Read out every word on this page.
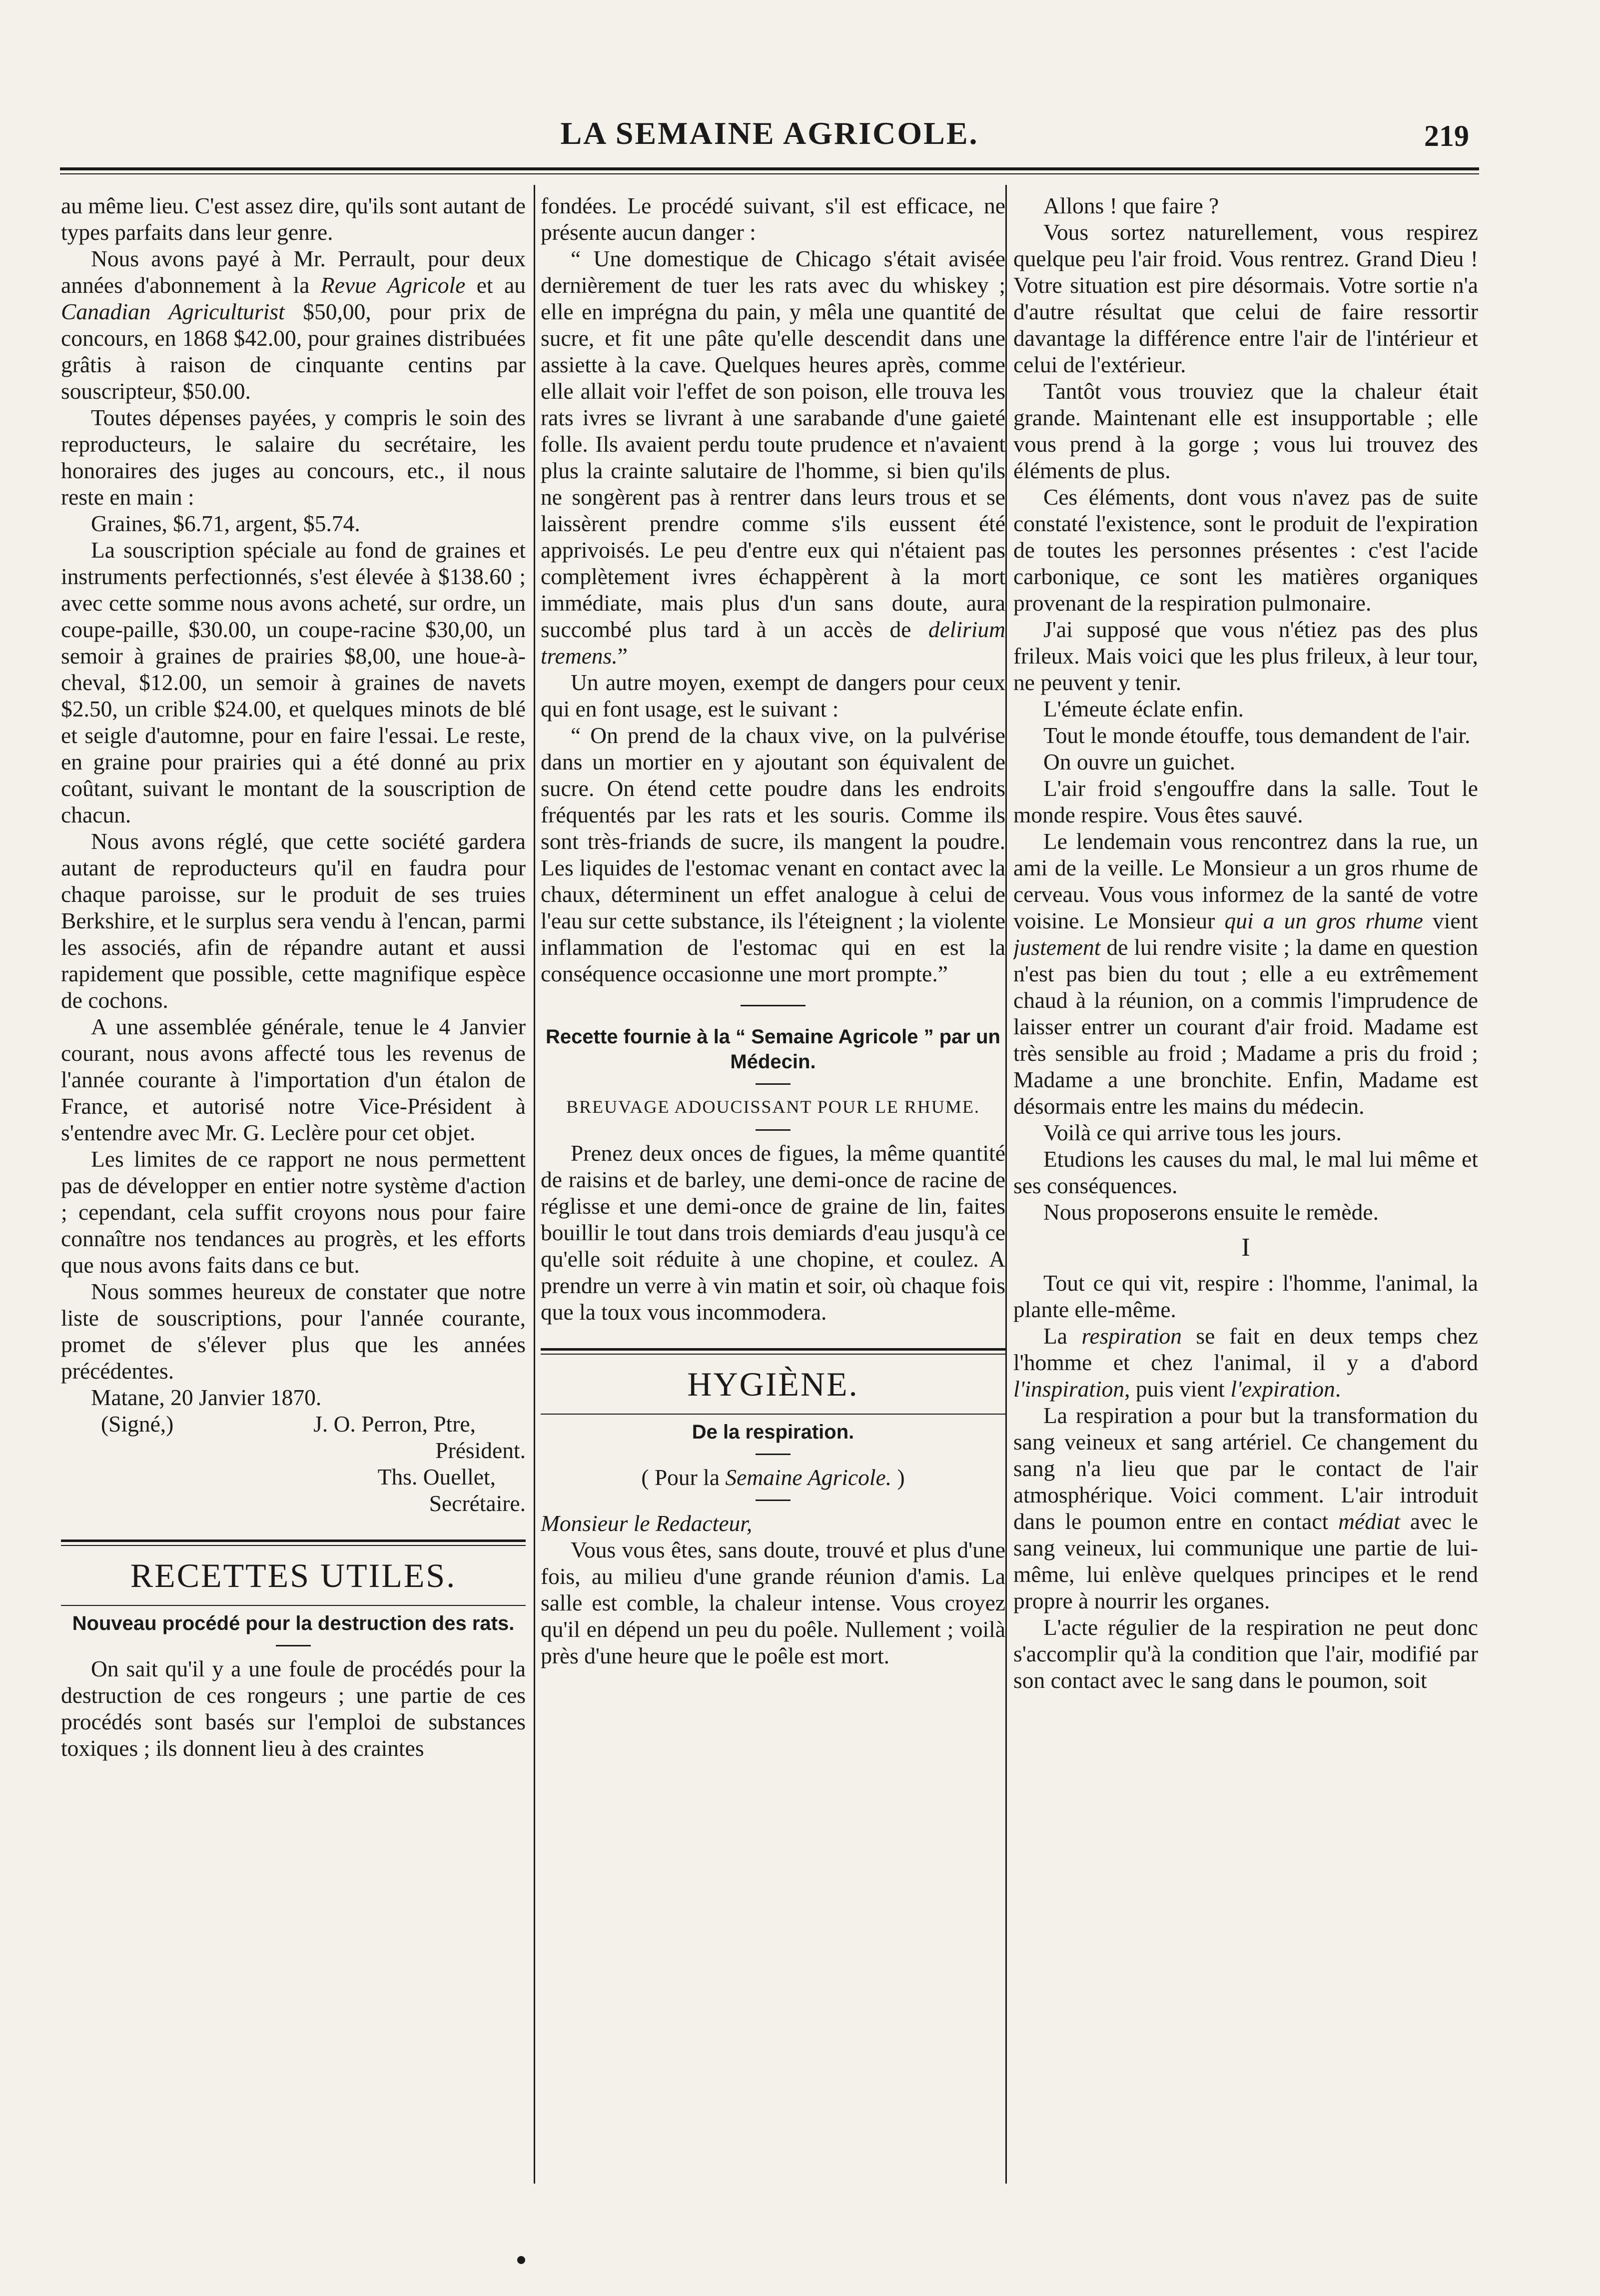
LA SEMAINE AGRICOLE.	219

au même lieu. C'est assez dire, qu'ils sont autant de types parfaits dans leur genre.

Nous avons payé à Mr. Perrault, pour deux années d'abonnement à la Revue Agricole et au Canadian Agriculturist $50,00, pour prix de concours, en 1868 $42.00, pour graines distribuées grâtis à raison de cinquante centins par souscripteur, $50.00.

Toutes dépenses payées, y compris le soin des reproducteurs, le salaire du secrétaire, les honoraires des juges au concours, etc., il nous reste en main :

Graines, $6.71, argent, $5.74.

La souscription spéciale au fond de graines et instruments perfectionnés, s'est élevée à $138.60 ; avec cette somme nous avons acheté, sur ordre, un coupe-paille, $30.00, un coupe-racine $30,00, un semoir à graines de prairies $8,00, une houe-à-cheval, $12.00, un semoir à graines de navets $2.50, un crible $24.00, et quelques minots de blé et seigle d'automne, pour en faire l'essai. Le reste, en graine pour prairies qui a été donné au prix coûtant, suivant le montant de la souscription de chacun.

Nous avons réglé, que cette société gardera autant de reproducteurs qu'il en faudra pour chaque paroisse, sur le produit de ses truies Berkshire, et le surplus sera vendu à l'encan, parmi les associés, afin de répandre autant et aussi rapidement que possible, cette magnifique espèce de cochons.

A une assemblée générale, tenue le 4 Janvier courant, nous avons affecté tous les revenus de l'année courante à l'importation d'un étalon de France, et autorisé notre Vice-Président à s'entendre avec Mr. G. Leclère pour cet objet.

Les limites de ce rapport ne nous permettent pas de développer en entier notre système d'action ; cependant, cela suffit croyons nous pour faire connaître nos tendances au progrès, et les efforts que nous avons faits dans ce but.

Nous sommes heureux de constater que notre liste de souscriptions, pour l'année courante, promet de s'élever plus que les années précédentes.

Matane, 20 Janvier 1870.

(Signé,)	J. O. Perron, Ptre,

Président.

Ths. Ouellet,

Secrétaire.

RECETTES UTILES.

Nouveau procédé pour la destruction des rats.

On sait qu'il y a une foule de procédés pour la destruction de ces rongeurs ; une partie de ces procédés sont basés sur l'emploi de substances toxiques ; ils donnent lieu à des craintes

fondées. Le procédé suivant, s'il est efficace, ne présente aucun danger :

“ Une domestique de Chicago s'était avisée dernièrement de tuer les rats avec du whiskey ; elle en imprégna du pain, y mêla une quantité de sucre, et fit une pâte qu'elle descendit dans une assiette à la cave. Quelques heures après, comme elle allait voir l'effet de son poison, elle trouva les rats ivres se livrant à une sarabande d'une gaieté folle. Ils avaient perdu toute prudence et n'avaient plus la crainte salutaire de l'homme, si bien qu'ils ne songèrent pas à rentrer dans leurs trous et se laissèrent prendre comme s'ils eussent été apprivoisés. Le peu d'entre eux qui n'étaient pas complètement ivres échappèrent à la mort immédiate, mais plus d'un sans doute, aura succombé plus tard à un accès de delirium tremens.”

Un autre moyen, exempt de dangers pour ceux qui en font usage, est le suivant :

“ On prend de la chaux vive, on la pulvérise dans un mortier en y ajoutant son équivalent de sucre. On étend cette poudre dans les endroits fréquentés par les rats et les souris. Comme ils sont très-friands de sucre, ils mangent la poudre. Les liquides de l'estomac venant en contact avec la chaux, déterminent un effet analogue à celui de l'eau sur cette substance, ils l'éteignent ; la violente inflammation de l'estomac qui en est la conséquence occasionne une mort prompte.”

Recette fournie à la “ Semaine Agricole ” par un Médecin.

BREUVAGE ADOUCISSANT POUR LE RHUME.

Prenez deux onces de figues, la même quantité de raisins et de barley, une demi-once de racine de réglisse et une demi-once de graine de lin, faites bouillir le tout dans trois demiards d'eau jusqu'à ce qu'elle soit réduite à une chopine, et coulez. A prendre un verre à vin matin et soir, où chaque fois que la toux vous incommodera.

HYGIÈNE.

De la respiration.

( Pour la Semaine Agricole. )

Monsieur le Redacteur,

Vous vous êtes, sans doute, trouvé et plus d'une fois, au milieu d'une grande réunion d'amis. La salle est comble, la chaleur intense. Vous croyez qu'il en dépend un peu du poêle. Nullement ; voilà près d'une heure que le poêle est mort.

Allons ! que faire ?

Vous sortez naturellement, vous respirez quelque peu l'air froid. Vous rentrez. Grand Dieu ! Votre situation est pire désormais. Votre sortie n'a d'autre résultat que celui de faire ressortir davantage la différence entre l'air de l'intérieur et celui de l'extérieur.

Tantôt vous trouviez que la chaleur était grande. Maintenant elle est insupportable ; elle vous prend à la gorge ; vous lui trouvez des éléments de plus.

Ces éléments, dont vous n'avez pas de suite constaté l'existence, sont le produit de l'expiration de toutes les personnes présentes : c'est l'acide carbonique, ce sont les matières organiques provenant de la respiration pulmonaire.

J'ai supposé que vous n'étiez pas des plus frileux. Mais voici que les plus frileux, à leur tour, ne peuvent y tenir.

L'émeute éclate enfin.

Tout le monde étouffe, tous demandent de l'air.

On ouvre un guichet.

L'air froid s'engouffre dans la salle. Tout le monde respire. Vous êtes sauvé.

Le lendemain vous rencontrez dans la rue, un ami de la veille. Le Monsieur a un gros rhume de cerveau. Vous vous informez de la santé de votre voisine. Le Monsieur qui a un gros rhume vient justement de lui rendre visite ; la dame en question n'est pas bien du tout ; elle a eu extrêmement chaud à la réunion, on a commis l'imprudence de laisser entrer un courant d'air froid. Madame est très sensible au froid ; Madame a pris du froid ; Madame a une bronchite. Enfin, Madame est désormais entre les mains du médecin.

Voilà ce qui arrive tous les jours.

Etudions les causes du mal, le mal lui même et ses conséquences.

Nous proposerons ensuite le remède.

I

Tout ce qui vit, respire : l'homme, l'animal, la plante elle-même.

La respiration se fait en deux temps chez l'homme et chez l'animal, il y a d'abord l'inspiration, puis vient l'expiration.

La respiration a pour but la transformation du sang veineux et sang artériel. Ce changement du sang n'a lieu que par le contact de l'air atmosphérique. Voici comment. L'air introduit dans le poumon entre en contact médiat avec le sang veineux, lui communique une partie de lui-même, lui enlève quelques principes et le rend propre à nourrir les organes.

L'acte régulier de la respiration ne peut donc s'accomplir qu'à la condition que l'air, modifié par son contact avec le sang dans le poumon, soit
